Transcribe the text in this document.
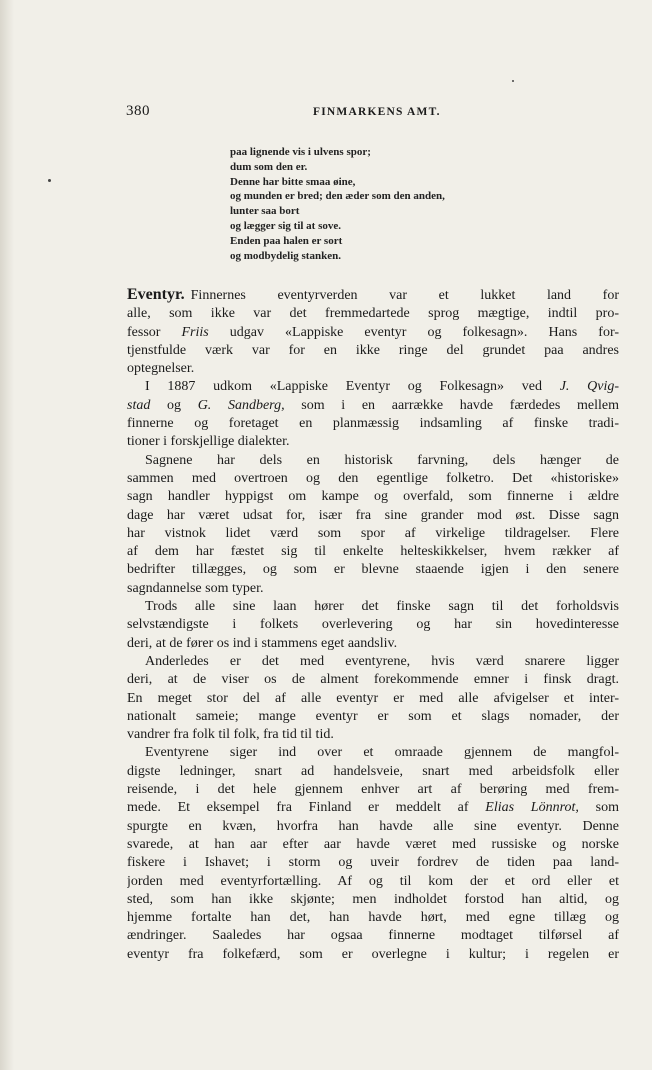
380	FINMARKENS AMT.
paa lignende vis i ulvens spor;
dum som den er.
Denne har bitte smaa øine,
og munden er bred; den æder som den anden,
lunter saa bort
og lægger sig til at sove.
Enden paa halen er sort
og modbydelig stanken.
Eventyr. Finnernes eventyrverden var et lukket land for
alle, som ikke var det fremmedartede sprog mægtige, indtil pro-
fessor Friis udgav «Lappiske eventyr og folkesagn». Hans for-
tjenstfulde værk var for en ikke ringe del grundet paa andres
optegnelser.
I 1887 udkom «Lappiske Eventyr og Folkesagn» ved J. Qvig-
stad og G. Sandberg, som i en aarrække havde færdedes mellem
finnerne og foretaget en planmæssig indsamling af finske tradi-
tioner i forskjellige dialekter.
Sagnene har dels en historisk farvning, dels hænger de
sammen med overtroen og den egentlige folketro. Det «historiske»
sagn handler hyppigst om kampe og overfald, som finnerne i ældre
dage har været udsat for, især fra sine grander mod øst. Disse sagn
har vistnok lidet værd som spor af virkelige tildragelser. Flere
af dem har fæstet sig til enkelte helteskikkelser, hvem rækker af
bedrifter tillægges, og som er blevne staaende igjen i den senere
sagndannelse som typer.
Trods alle sine laan hører det finske sagn til det forholdsvis
selvstændigste i folkets overlevering og har sin hovedinteresse
deri, at de fører os ind i stammens eget aandsliv.
Anderledes er det med eventyrene, hvis værd snarere ligger
deri, at de viser os de alment forekommende emner i finsk dragt.
En meget stor del af alle eventyr er med alle afvigelser et inter-
nationalt sameie; mange eventyr er som et slags nomader, der
vandrer fra folk til folk, fra tid til tid.
Eventyrene siger ind over et omraade gjennem de mangfol-
digste ledninger, snart ad handelsveie, snart med arbeidsfolk eller
reisende, i det hele gjennem enhver art af berøring med frem-
mede. Et eksempel fra Finland er meddelt af Elias Lönnrot, som
spurgte en kvæn, hvorfra han havde alle sine eventyr. Denne
svarede, at han aar efter aar havde været med russiske og norske
fiskere i Ishavet; i storm og uveir fordrev de tiden paa land-
jorden med eventyrfortælling. Af og til kom der et ord eller et
sted, som han ikke skjønte; men indholdet forstod han altid, og
hjemme fortalte han det, han havde hørt, med egne tillæg og
ændringer. Saaledes har ogsaa finnerne modtaget tilførsel af
eventyr fra folkefærd, som er overlegne i kultur; i regelen er
